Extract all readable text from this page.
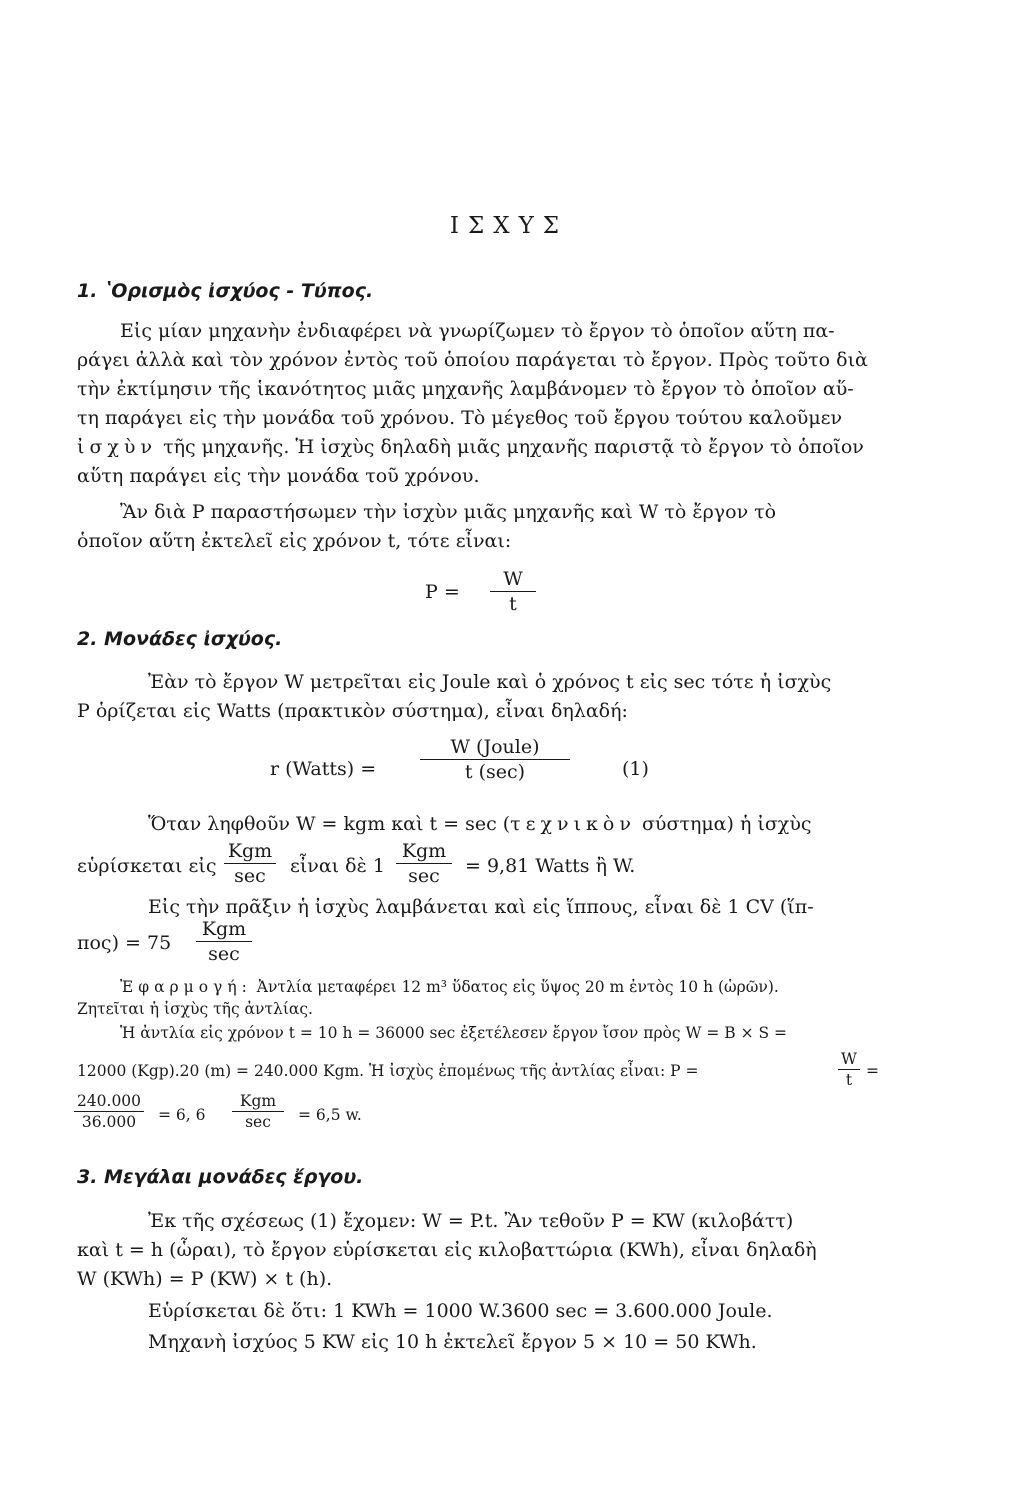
ΙΣΧΥΣ
1. ʽΟρισμὸς ἰσχύος - Τύπος.
Εἰς μίαν μηχανὴν ἐνδιαφέρει νὰ γνωρίζωμεν τὸ ἔργον τὸ ὁποῖον αὕτη πα-
ράγει ἀλλὰ καὶ τὸν χρόνον ἐντὸς τοῦ ὁποίου παράγεται τὸ ἔργον. Πρὸς τοῦτο διὰ
τὴν ἐκτίμησιν τῆς ἱκανότητος μιᾶς μηχανῆς λαμβάνομεν τὸ ἔργον τὸ ὁποῖον αὕ-
τη παράγει εἰς τὴν μονάδα τοῦ χρόνου. Τὸ μέγεθος τοῦ ἔργου τούτου καλοῦμεν
ἰσχὺν τῆς μηχανῆς. Ἡ ἰσχὺς δηλαδὴ μιᾶς μηχανῆς παριστᾷ τὸ ἔργον τὸ ὁποῖον
αὕτη παράγει εἰς τὴν μονάδα τοῦ χρόνου.
Ἂν διὰ P παραστήσωμεν τὴν ἰσχὺν μιᾶς μηχανῆς καὶ W τὸ ἔργον τὸ
ὁποῖον αὕτη ἐκτελεῖ εἰς χρόνον t, τότε εἶναι:
P =
W
t
2. Μονάδες ἰσχύος.
Ἐὰν τὸ ἔργον W μετρεῖται εἰς Joule καὶ ὁ χρόνος t εἰς sec τότε ἡ ἰσχὺς
P ὁρίζεται εἰς Watts (πρακτικὸν σύστημα), εἶναι δηλαδή:
r (Watts) =
W (Joule)
t (sec)	(1)
Ὅταν ληφθοῦν W = kgm καὶ t = sec (τεχνικὸν σύστημα) ἡ ἰσχὺς
εὑρίσκεται εἰς
Kgm
sec	εἶναι δὲ 1
Kgm
sec	= 9,81 Watts ἢ W.
Εἰς τὴν πρᾶξιν ἡ ἰσχὺς λαμβάνεται καὶ εἰς ἵππους, εἶναι δὲ 1 CV (ἵπ-
πος) = 75
Kgm
sec
Ἐφαρμογή: Ἀντλία μεταφέρει 12 m³ ὕδατος εἰς ὕψος 20 m ἐντὸς 10 h (ὡρῶν).
Ζητεῖται ἡ ἰσχὺς τῆς ἀντλίας.
Ἡ ἀντλία εἰς χρόνον t = 10 h = 36000 sec ἐξετέλεσεν ἔργον ἴσον πρὸς W = B × S =
12000 (Kgp).20 (m) = 240.000 Kgm. Ἡ ἰσχὺς ἐπομένως τῆς ἀντλίας εἶναι: P =
W
t =
240.000
36.000	= 6, 6
Kgm
sec	= 6,5 w.
3. Μεγάλαι μονάδες ἔργου.
Ἐκ τῆς σχέσεως (1) ἔχομεν: W = P.t. Ἂν τεθοῦν P = KW (κιλοβάττ)
καὶ t = h (ὧραι), τὸ ἔργον εὑρίσκεται εἰς κιλοβαττώρια (KWh), εἶναι δηλαδὴ
W (KWh) = P (KW) × t (h).
Εὑρίσκεται δὲ ὅτι: 1 KWh = 1000 W.3600 sec = 3.600.000 Joule.
Μηχανὴ ἰσχύος 5 KW εἰς 10 h ἐκτελεῖ ἔργον 5 × 10 = 50 KWh.
